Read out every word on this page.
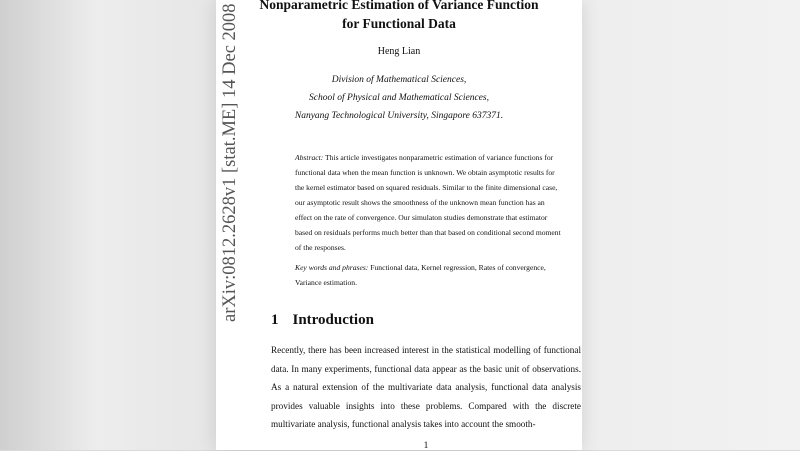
arXiv:0812.2628v1 [stat.ME] 14 Dec 2008	Nonparametric Estimation of Variance Function
for Functional Data
Heng Lian
Division of Mathematical Sciences,
School of Physical and Mathematical Sciences,
Nanyang Technological University, Singapore 637371.
Abstract: This article investigates nonparametric estimation of variance functions for functional data when the mean function is unknown. We obtain asymptotic results for the kernel estimator based on squared residuals. Similar to the finite dimensional case, our asymptotic result shows the smoothness of the unknown mean function has an effect on the rate of convergence. Our simulaton studies demonstrate that estimator based on residuals performs much better than that based on conditional second moment of the responses.
Key words and phrases: Functional data, Kernel regression, Rates of convergence, Variance estimation.
1 Introduction
Recently, there has been increased interest in the statistical modelling of functional data. In many experiments, functional data appear as the basic unit of observations. As a natural extension of the multivariate data analysis, functional data analysis provides valuable insights into these problems. Compared with the discrete multivariate analysis, functional analysis takes into account the smooth-
1
